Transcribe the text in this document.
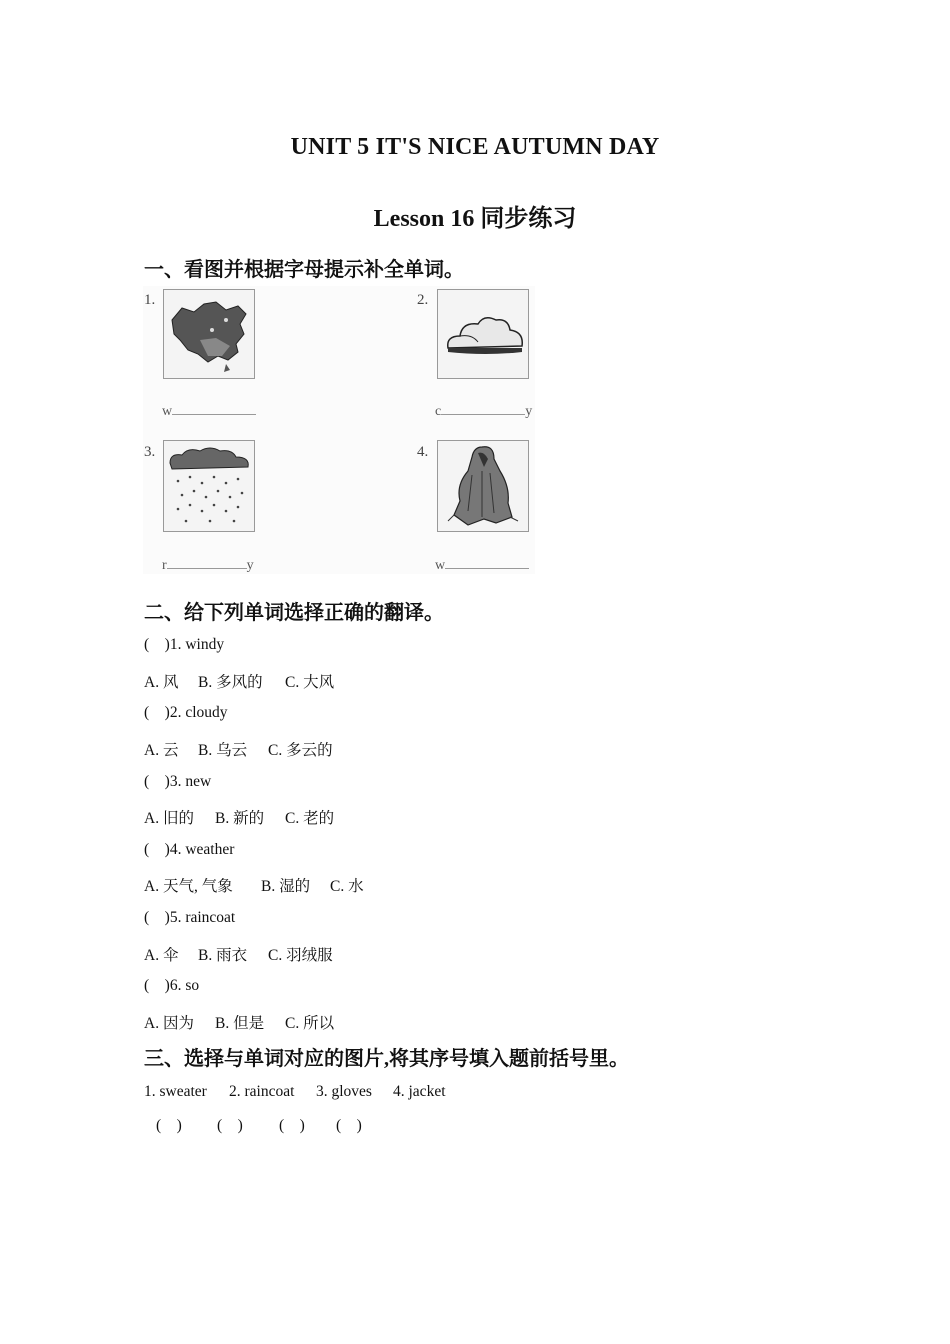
UNIT 5 IT'S NICE AUTUMN DAY
Lesson 16 同步练习
一、看图并根据字母提示补全单词。
1.
w
2.
c	y
3.
r	y
4.
w
二、给下列单词选择正确的翻译。
(    )1. windy
A. 风 B. 多风的 C. 大风
(    )2. cloudy
A. 云 B. 乌云 C. 多云的
(    )3. new
A. 旧的 B. 新的 C. 老的
(    )4. weather
A. 天气, 气象 B. 湿的 C. 水
(    )5. raincoat
A. 伞 B. 雨衣 C. 羽绒服
(    )6. so
A. 因为 B. 但是 C. 所以
三、选择与单词对应的图片,将其序号填入题前括号里。
1. sweater 2. raincoat 3. gloves 4. jacket
(    ) (    ) (    ) (    )
